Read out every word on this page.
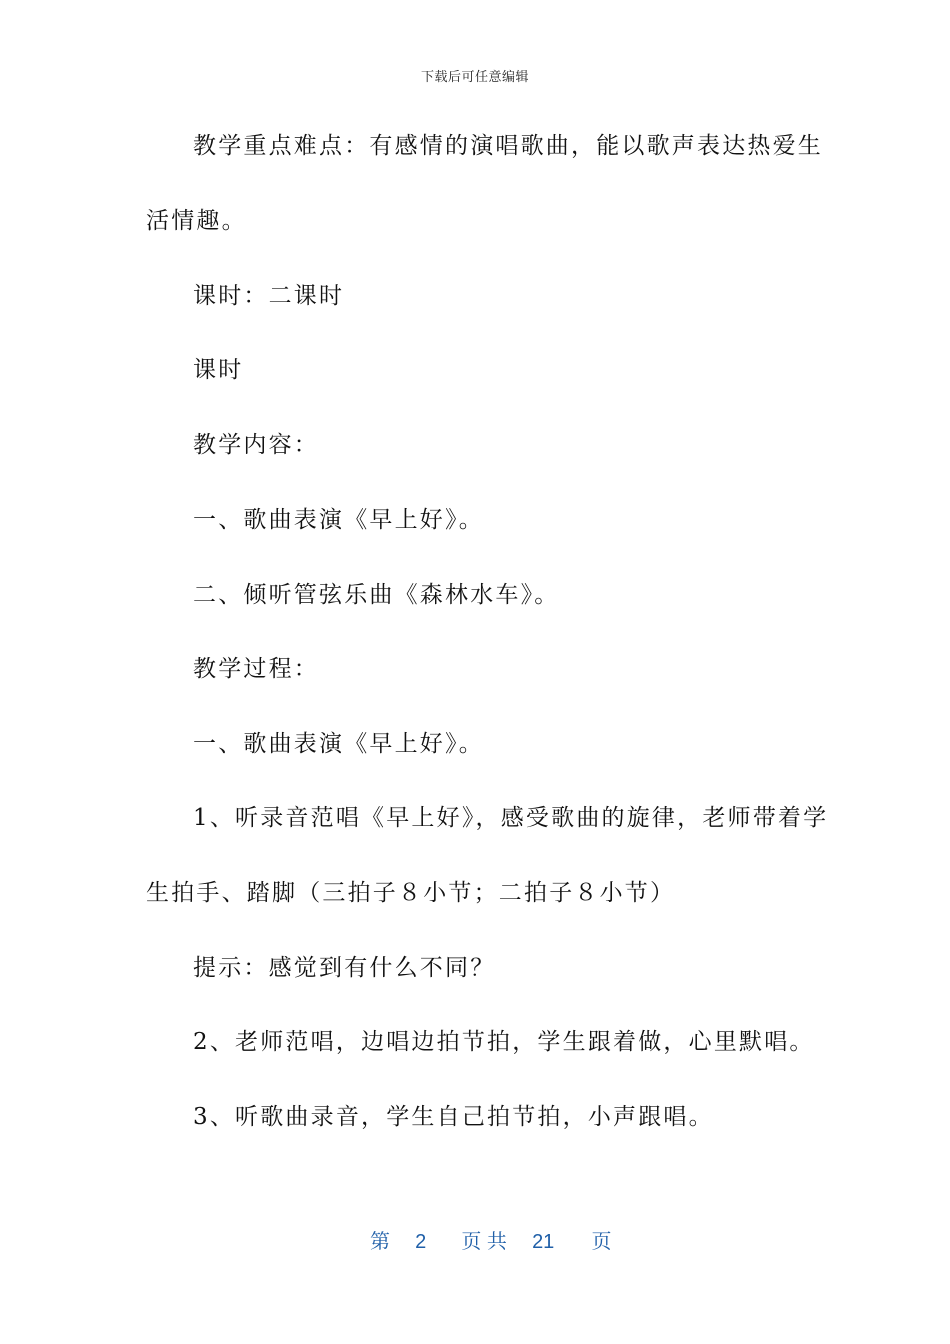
下载后可任意编辑
教学重点难点：有感情的演唱歌曲，能以歌声表达热爱生
活情趣。
课时：二课时
课时
教学内容：
一、歌曲表演《早上好》。
二、倾听管弦乐曲《森林水车》。
教学过程：
一、歌曲表演《早上好》。
1、听录音范唱《早上好》，感受歌曲的旋律，老师带着学
生拍手、踏脚（三拍子８小节；二拍子８小节）
提示：感觉到有什么不同？
2、老师范唱，边唱边拍节拍，学生跟着做，心里默唱。
3、听歌曲录音，学生自己拍节拍，小声跟唱。
第 2 页 共 21 页
